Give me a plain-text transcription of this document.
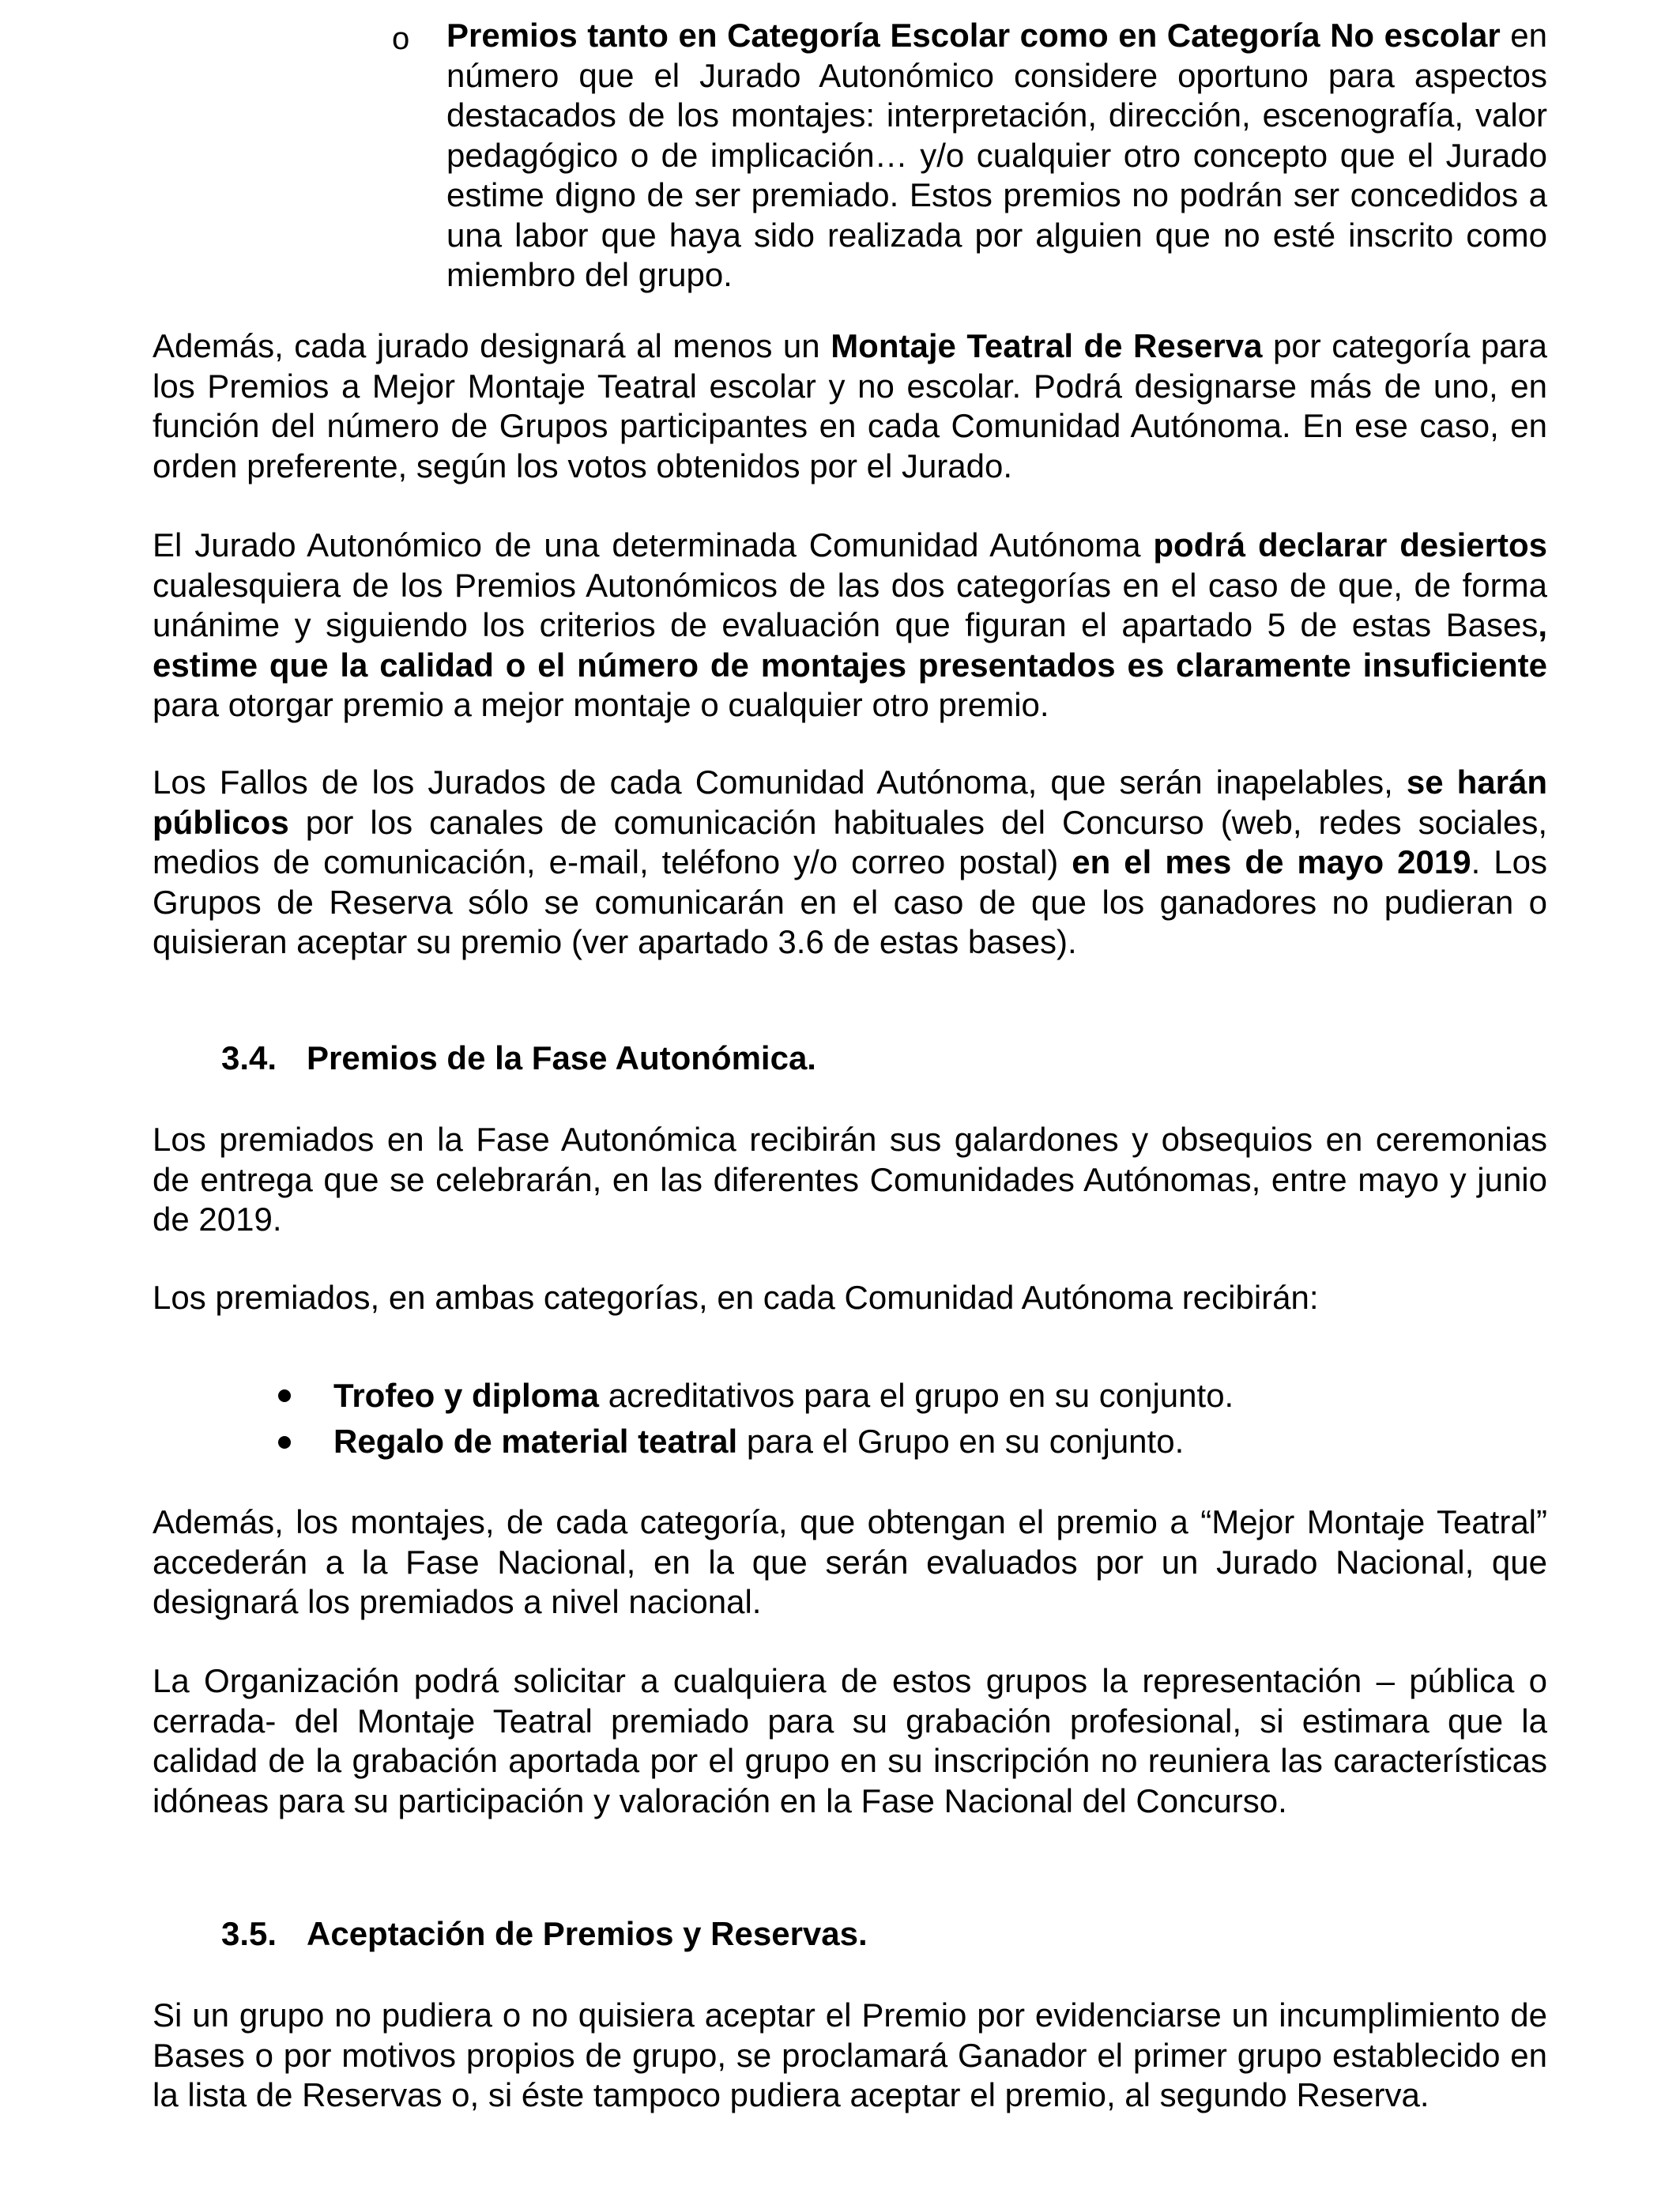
o Premios tanto en Categoría Escolar como en Categoría No escolar en número que el Jurado Autonómico considere oportuno para aspectos destacados de los montajes: interpretación, dirección, escenografía, valor pedagógico o de implicación… y/o cualquier otro concepto que el Jurado estime digno de ser premiado. Estos premios no podrán ser concedidos a una labor que haya sido realizada por alguien que no esté inscrito como miembro del grupo.

Además, cada jurado designará al menos un Montaje Teatral de Reserva por categoría para los Premios a Mejor Montaje Teatral escolar y no escolar. Podrá designarse más de uno, en función del número de Grupos participantes en cada Comunidad Autónoma. En ese caso, en orden preferente, según los votos obtenidos por el Jurado.

El Jurado Autonómico de una determinada Comunidad Autónoma podrá declarar desiertos cualesquiera de los Premios Autonómicos de las dos categorías en el caso de que, de forma unánime y siguiendo los criterios de evaluación que figuran el apartado 5 de estas Bases, estime que la calidad o el número de montajes presentados es claramente insuficiente para otorgar premio a mejor montaje o cualquier otro premio.

Los Fallos de los Jurados de cada Comunidad Autónoma, que serán inapelables, se harán públicos por los canales de comunicación habituales del Concurso (web, redes sociales, medios de comunicación, e-mail, teléfono y/o correo postal) en el mes de mayo 2019. Los Grupos de Reserva sólo se comunicarán en el caso de que los ganadores no pudieran o quisieran aceptar su premio (ver apartado 3.6 de estas bases).

3.4. Premios de la Fase Autonómica.

Los premiados en la Fase Autonómica recibirán sus galardones y obsequios en ceremonias de entrega que se celebrarán, en las diferentes Comunidades Autónomas, entre mayo y junio de 2019.

Los premiados, en ambas categorías, en cada Comunidad Autónoma recibirán:

Trofeo y diploma acreditativos para el grupo en su conjunto.
Regalo de material teatral para el Grupo en su conjunto.

Además, los montajes, de cada categoría, que obtengan el premio a “Mejor Montaje Teatral” accederán a la Fase Nacional, en la que serán evaluados por un Jurado Nacional, que designará los premiados a nivel nacional.

La Organización podrá solicitar a cualquiera de estos grupos la representación – pública o cerrada- del Montaje Teatral premiado para su grabación profesional, si estimara que la calidad de la grabación aportada por el grupo en su inscripción no reuniera las características idóneas para su participación y valoración en la Fase Nacional del Concurso.

3.5. Aceptación de Premios y Reservas.

Si un grupo no pudiera o no quisiera aceptar el Premio por evidenciarse un incumplimiento de Bases o por motivos propios de grupo, se proclamará Ganador el primer grupo establecido en la lista de Reservas o, si éste tampoco pudiera aceptar el premio, al segundo Reserva.
